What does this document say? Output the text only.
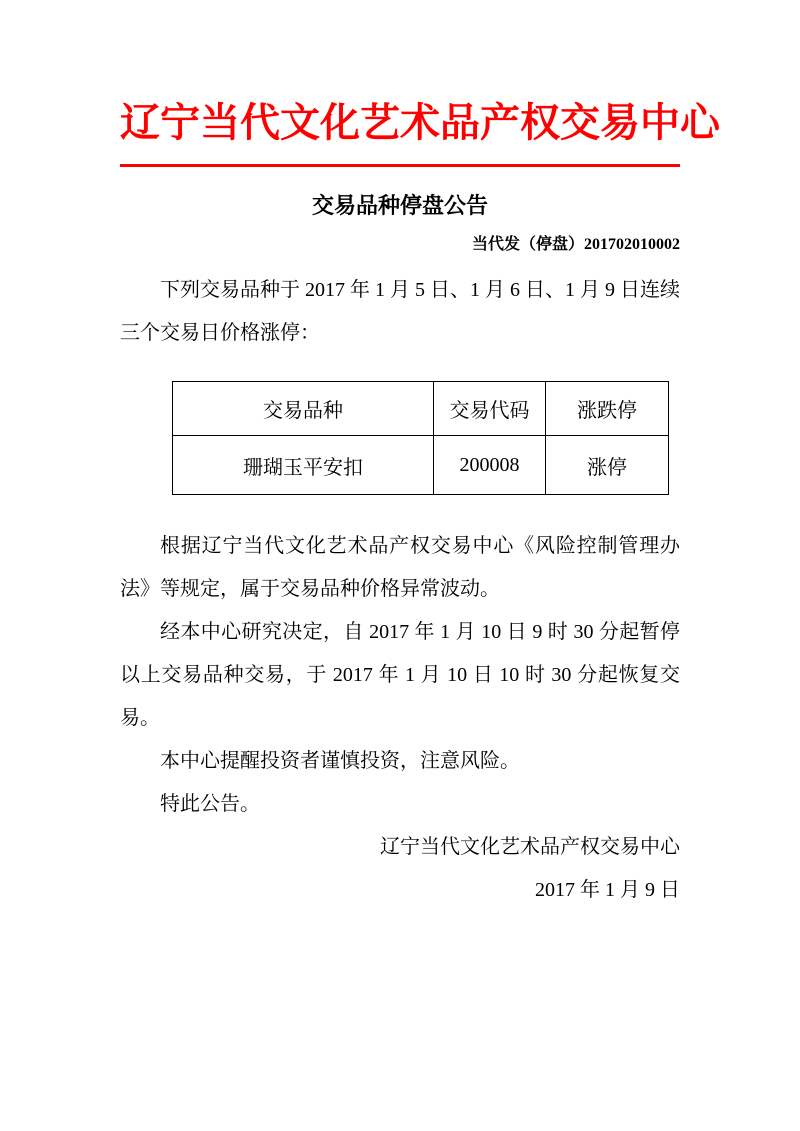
辽宁当代文化艺术品产权交易中心
交易品种停盘公告
当代发（停盘）201702010002

下列交易品种于 2017 年 1 月 5 日、1 月 6 日、1 月 9 日连续三个交易日价格涨停：

交易品种	交易代码	涨跌停
珊瑚玉平安扣	200008	涨停

根据辽宁当代文化艺术品产权交易中心《风险控制管理办法》等规定，属于交易品种价格异常波动。

经本中心研究决定，自 2017 年 1 月 10 日 9 时 30 分起暂停以上交易品种交易，于 2017 年 1 月 10 日 10 时 30 分起恢复交易。

本中心提醒投资者谨慎投资，注意风险。

特此公告。

辽宁当代文化艺术品产权交易中心
2017 年 1 月 9 日
